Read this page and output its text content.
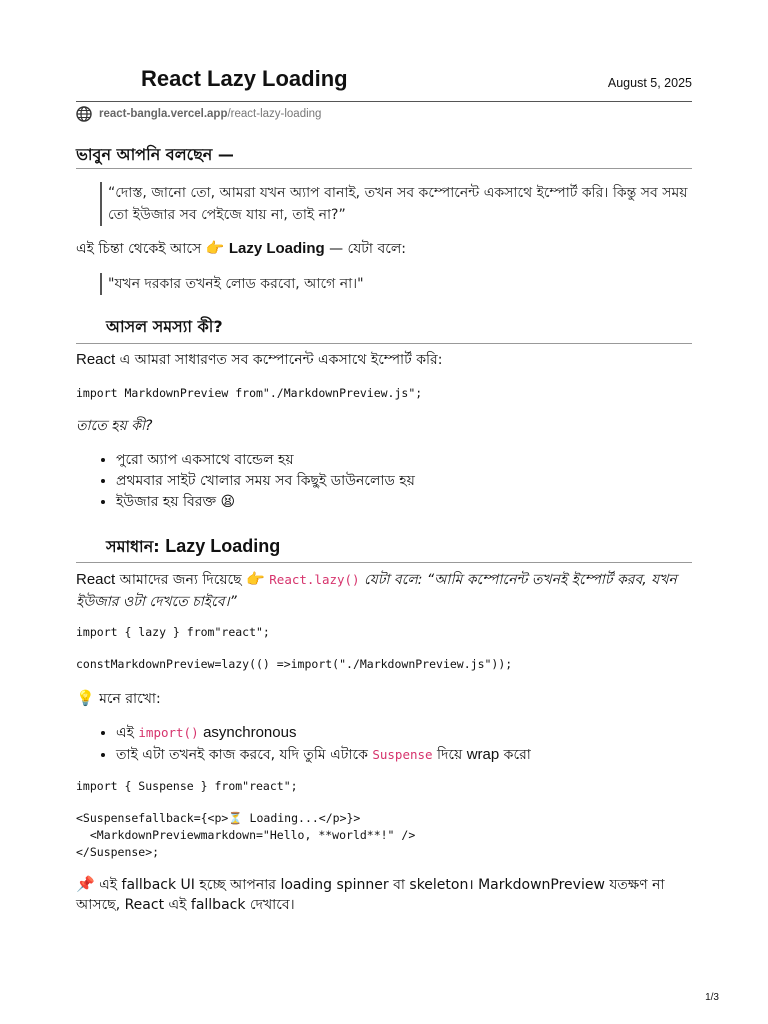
React Lazy Loading	August 5, 2025
react-bangla.vercel.app /react-lazy-loading
ভাবুন আপনি বলছেন —
“দোস্ত, জানো তো, আমরা যখন অ্যাপ বানাই, তখন সব কম্পোনেন্ট একসাথে ইম্পোর্ট করি। কিন্তু সব সময় তো ইউজার সব পেইজে যায় না, তাই না?”
এই চিন্তা থেকেই আসে 👉 Lazy Loading — যেটা বলে:
"যখন দরকার তখনই লোড করবো, আগে না।"
আসল সমস্যা কী?
React এ আমরা সাধারণত সব কম্পোনেন্ট একসাথে ইম্পোর্ট করি:
import MarkdownPreview from"./MarkdownPreview.js";
তাতে হয় কী?
• পুরো অ্যাপ একসাথে বান্ডেল হয়
• প্রথমবার সাইট খোলার সময় সব কিছুই ডাউনলোড হয়
• ইউজার হয় বিরক্ত 😫
সমাধান: Lazy Loading
React আমাদের জন্য দিয়েছে 👉 React.lazy() যেটা বলে: “আমি কম্পোনেন্ট তখনই ইম্পোর্ট করব, যখন ইউজার ওটা দেখতে চাইবে।”
import { lazy } from"react";
constMarkdownPreview=lazy(() =>import("./MarkdownPreview.js"));
💡 মনে রাখো:
• এই import() asynchronous
• তাই এটা তখনই কাজ করবে, যদি তুমি এটাকে Suspense দিয়ে wrap করো
import { Suspense } from"react";
<Suspensefallback={<p>⏳ Loading...</p>}>
<MarkdownPreviewmarkdown="Hello, **world**!" />
</Suspense>;
📌 এই fallback UI হচ্ছে আপনার loading spinner বা skeleton। MarkdownPreview যতক্ষণ না
আসছে, React এই fallback দেখাবে।
1/3
